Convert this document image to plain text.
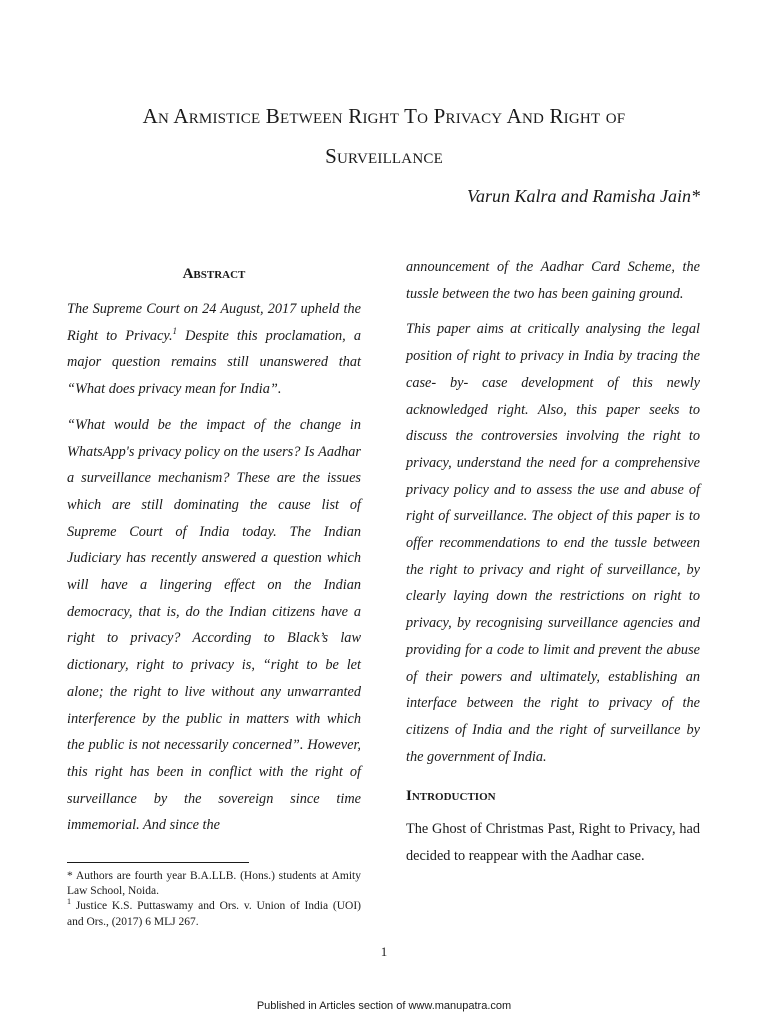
An Armistice Between Right To Privacy And Right of
Surveillance
Varun Kalra and Ramisha Jain*
Abstract

The Supreme Court on 24 August, 2017 upheld the Right to Privacy.$^1$ Despite this proclamation, a major question remains still unanswered that “What does privacy mean for India”.

“What would be the impact of the change in WhatsApp's privacy policy on the users? Is Aadhar a surveillance mechanism? These are the issues which are still dominating the cause list of Supreme Court of India today. The Indian Judiciary has recently answered a question which will have a lingering effect on the Indian democracy, that is, do the Indian citizens have a right to privacy? According to Black’s law dictionary, right to privacy is, “right to be let alone; the right to live without any unwarranted interference by the public in matters with which the public is not necessarily concerned”. However, this right has been in conflict with the right of surveillance by the sovereign since time immemorial. And since the

announcement of the Aadhar Card Scheme, the tussle between the two has been gaining ground.

This paper aims at critically analysing the legal position of right to privacy in India by tracing the case- by- case development of this newly acknowledged right. Also, this paper seeks to discuss the controversies involving the right to privacy, understand the need for a comprehensive privacy policy and to assess the use and abuse of right of surveillance. The object of this paper is to offer recommendations to end the tussle between the right to privacy and right of surveillance, by clearly laying down the restrictions on right to privacy, by recognising surveillance agencies and providing for a code to limit and prevent the abuse of their powers and ultimately, establishing an interface between the right to privacy of the citizens of India and the right of surveillance by the government of India.

Introduction

The Ghost of Christmas Past, Right to Privacy, had decided to reappear with the Aadhar case.

* Authors are fourth year B.A.LLB. (Hons.) students at Amity Law School, Noida.
$^1$ Justice K.S. Puttaswamy and Ors. v. Union of India (UOI) and Ors., (2017) 6 MLJ 267.
1
Published in Articles section of www.manupatra.com
